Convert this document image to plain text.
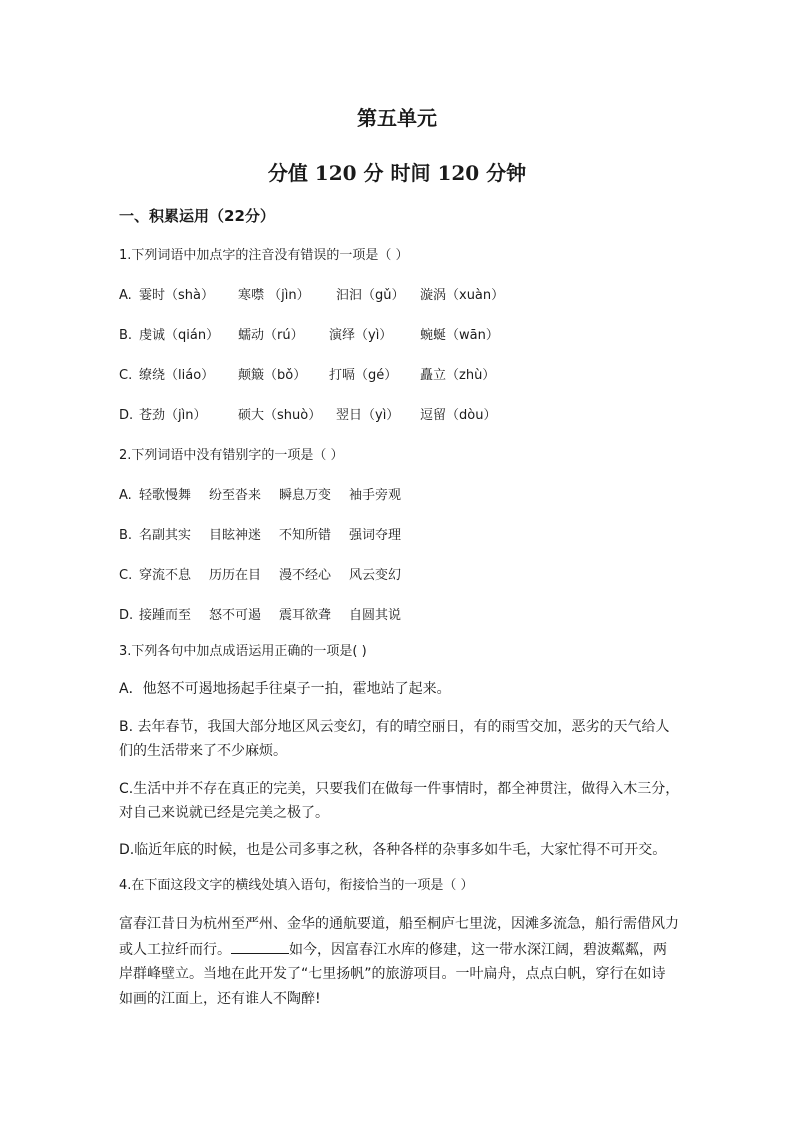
第五单元
分值 120 分 时间 120 分钟
一、积累运用（22分）
1.下列词语中加点字的注音没有错误的一项是（ ）
A. 霎时（shà） 寒噤 （jìn） 汩汩（gǔ） 漩涡（xuàn）
B. 虔诚（qián） 蠕动（rú） 演绎（yì） 蜿蜒（wān）
C. 缭绕（liáo） 颠簸（bǒ） 打嗝（gé） 矗立（zhù）
D. 苍劲（jìn） 硕大（shuò） 翌日（yì） 逗留（dòu）
2.下列词语中没有错别字的一项是（ ）
A. 轻歌慢舞 纷至沓来 瞬息万变 袖手旁观
B. 名副其实 目眩神迷 不知所错 强词夺理
C. 穿流不息 历历在目 漫不经心 风云变幻
D. 接踵而至 怒不可遏 震耳欲聋 自圆其说
3.下列各句中加点成语运用正确的一项是( )
A．他怒不可遏地扬起手往桌子一拍，霍地站了起来。
B. 去年春节，我国大部分地区风云变幻，有的晴空丽日，有的雨雪交加，恶劣的天气给人
们的生活带来了不少麻烦。
C.生活中并不存在真正的完美，只要我们在做每一件事情时，都全神贯注，做得入木三分，
对自己来说就已经是完美之极了。
D.临近年底的时候，也是公司多事之秋，各种各样的杂事多如牛毛，大家忙得不可开交。
4.在下面这段文字的横线处填入语句，衔接恰当的一项是（ ）
富春江昔日为杭州至严州、金华的通航要道，船至桐庐七里泷，因滩多流急，船行需借风力
或人工拉纤而行。	如今，因富春江水库的修建，这一带水深江阔，碧波粼粼，两
岸群峰壁立。当地在此开发了“七里扬帆”的旅游项目。一叶扁舟，点点白帆，穿行在如诗
如画的江面上，还有谁人不陶醉!
